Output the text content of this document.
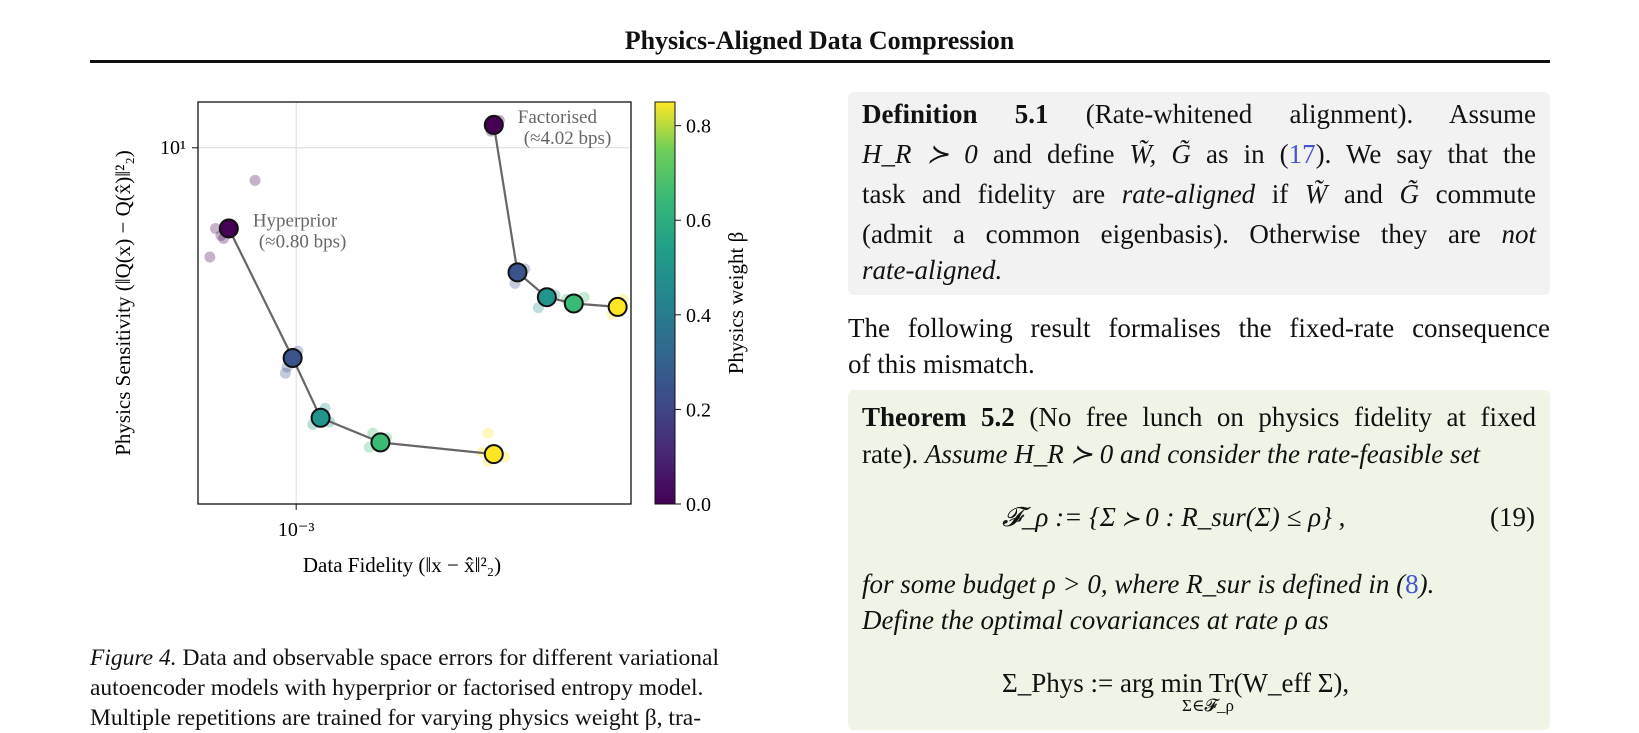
Physics-Aligned Data Compression
Hyperprior
(≈0.80 bps)
Factorised
(≈4.02 bps)
10¹
10⁻³
Data Fidelity (‖x − x̂‖²₂)
Physics Sensitivity (‖Q(x) − Q(x̂)‖²₂)
0.0
0.2
0.4
0.6
0.8
Physics weight β
Figure 4. Data and observable space errors for different variational
autoencoder models with hyperprior or factorised entropy model.
Multiple repetitions are trained for varying physics weight β, tra-
Definition 5.1 (Rate-whitened alignment). Assume
H_R ≻ 0 and define W̃, G̃ as in (17). We say that the
task and fidelity are rate-aligned if W̃ and G̃ commute
(admit a common eigenbasis). Otherwise they are not
rate-aligned.
The following result formalises the fixed-rate consequence
of this mismatch.
Theorem 5.2 (No free lunch on physics fidelity at fixed
rate). Assume H_R ≻ 0 and consider the rate-feasible set
𝓕_ρ := {Σ ≻ 0 : R_sur(Σ) ≤ ρ} ,	(19)
for some budget ρ > 0, where R_sur is defined in (8).
Define the optimal covariances at rate ρ as
Σ_Phys := arg min Tr(W_eff Σ),
Σ∈𝓕_ρ
